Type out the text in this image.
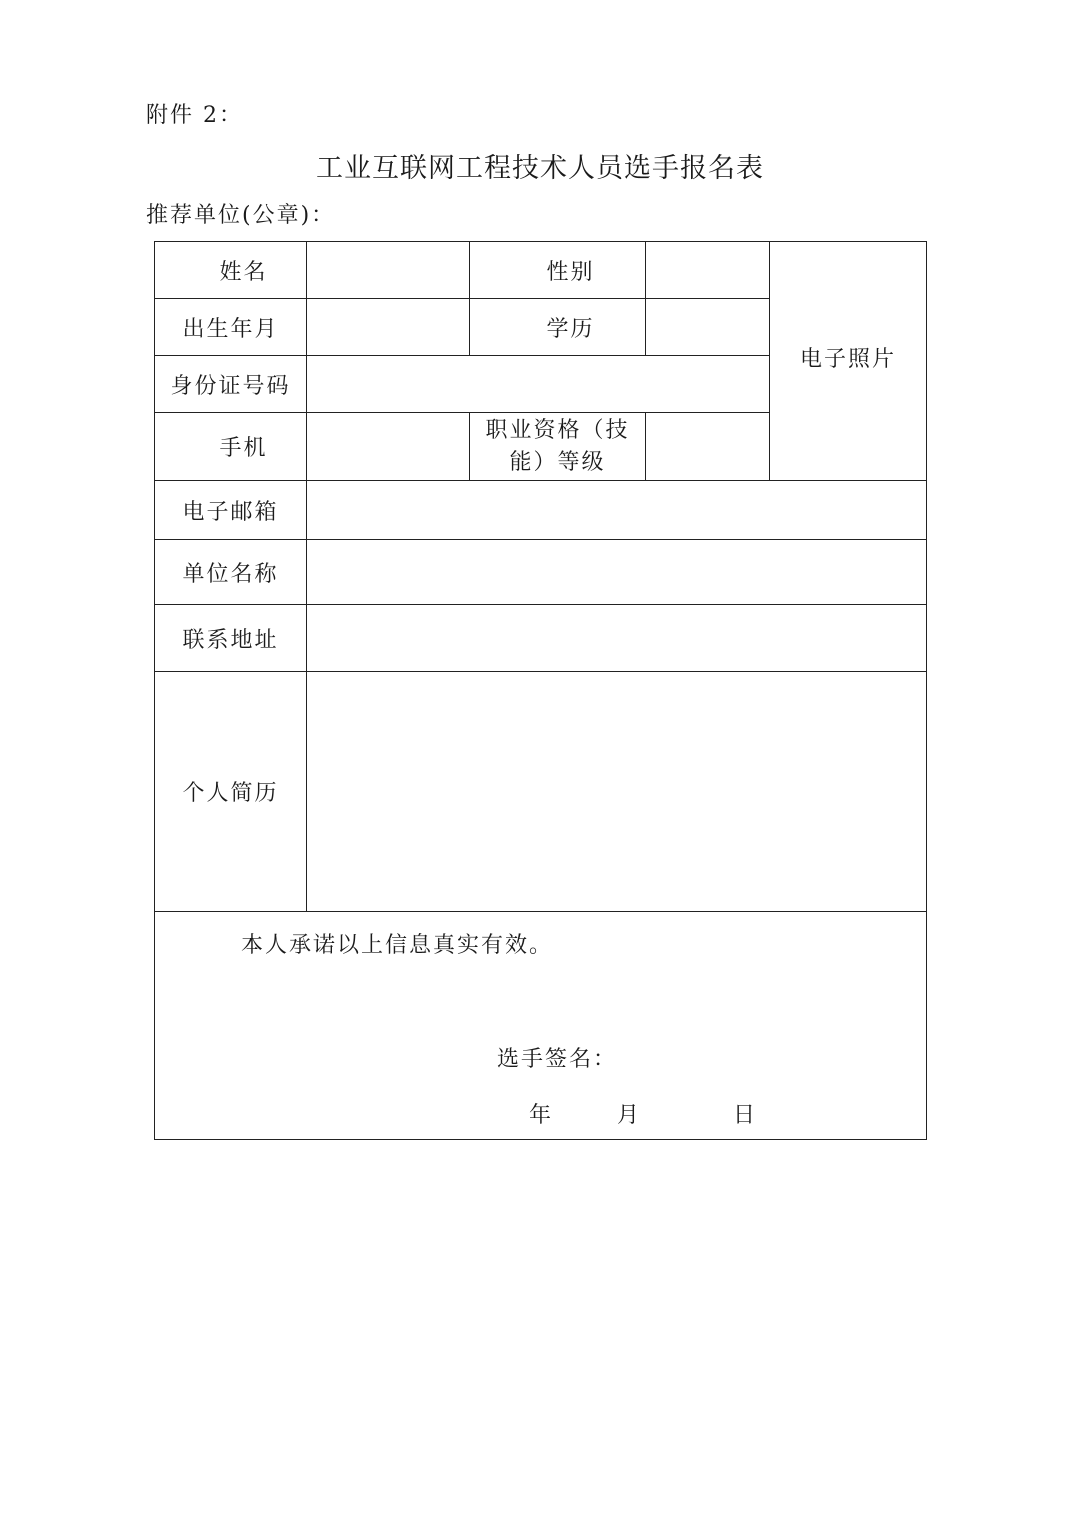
附件 2：
工业互联网工程技术人员选手报名表
推荐单位(公章)：
姓名		性别		电子照片
出生年月		学历		
身份证号码				
手机		职业资格（技
能）等级		

电子邮箱				
单位名称				
联系地址				
个人简历				

本人承诺以上信息真实有效。
选手签名：
年 月 日				
